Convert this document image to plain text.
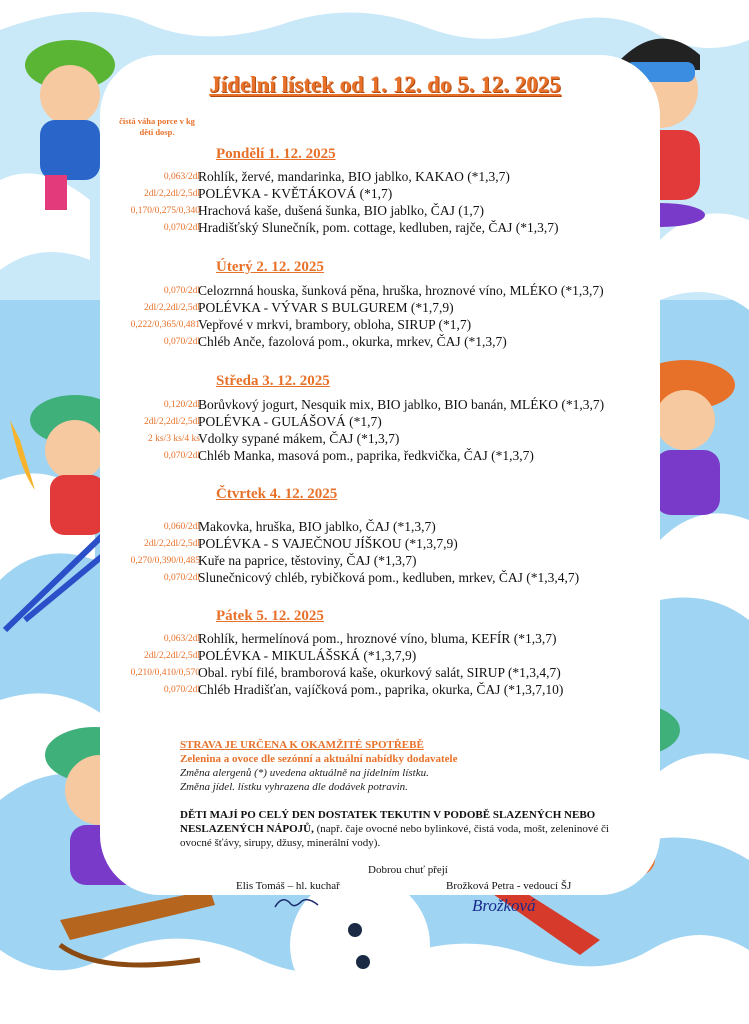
Jídelní lístek od 1. 12. do 5. 12. 2025
čistá váha porce v kg děti dosp.
Pondělí 1. 12. 2025
0,063/2dl
Rohlík, žervé, mandarinka, BIO jablko, KAKAO (*1,3,7)
2dl/2,2dl/2,5dl
POLÉVKA - KVĚTÁKOVÁ (*1,7)
0,170/0,275/0,340
Hrachová kaše, dušená šunka, BIO jablko, ČAJ (1,7)
0,070/2dl
Hradišťský Slunečník, pom. cottage, kedluben, rajče, ČAJ (*1,3,7)
Úterý 2. 12. 2025
0,070/2dl
Celozrnná houska, šunková pěna, hruška, hroznové víno, MLÉKO (*1,3,7)
2dl/2,2dl/2,5dl
POLÉVKA - VÝVAR S BULGUREM (*1,7,9)
0,222/0,365/0,481
Vepřové v mrkvi, brambory, obloha, SIRUP (*1,7)
0,070/2dl
Chléb Anče, fazolová pom., okurka, mrkev, ČAJ (*1,3,7)
Středa 3. 12. 2025
0,120/2dl
Borůvkový jogurt, Nesquik mix, BIO jablko, BIO banán, MLÉKO (*1,3,7)
2dl/2,2dl/2,5dl
POLÉVKA - GULÁŠOVÁ (*1,7)
2 ks/3 ks/4 ks
Vdolky sypané mákem, ČAJ (*1,3,7)
0,070/2dl
Chléb Manka, masová pom., paprika, ředkvička, ČAJ (*1,3,7)
Čtvrtek 4. 12. 2025
0,060/2dl
Makovka, hruška, BIO jablko, ČAJ (*1,3,7)
2dl/2,2dl/2,5dl
POLÉVKA - S VAJEČNOU JÍŠKOU (*1,3,7,9)
0,270/0,390/0,485
Kuře na paprice, těstoviny, ČAJ (*1,3,7)
0,070/2dl
Slunečnicový chléb, rybičková pom., kedluben, mrkev, ČAJ (*1,3,4,7)
Pátek 5. 12. 2025
0,063/2dl
Rohlík, hermelínová pom., hroznové víno, bluma, KEFÍR (*1,3,7)
2dl/2,2dl/2,5dl
POLÉVKA - MIKULÁŠSKÁ (*1,3,7,9)
0,210/0,410/0,570
Obal. rybí filé, bramborová kaše, okurkový salát, SIRUP (*1,3,4,7)
0,070/2dl
Chléb Hradišťan, vajíčková pom., paprika, okurka, ČAJ (*1,3,7,10)
STRAVA JE URČENA K OKAMŽITÉ SPOTŘEBĚ
Zelenina a ovoce dle sezónní a aktuální nabídky dodavatele
Změna alergenů (*) uvedena aktuálně na jídelním lístku.
Změna jídel. lístku vyhrazena dle dodávek potravin.
DĚTI MAJÍ PO CELÝ DEN DOSTATEK TEKUTIN V PODOBĚ SLAZENÝCH NEBO NESLAZENÝCH NÁPOJŮ, (např. čaje ovocné nebo bylinkové, čistá voda, mošt, zeleninové či ovocné šťávy, sirupy, džusy, minerální vody).
Dobrou chuť přejí
Elis Tomáš – hl. kuchař	Brožková Petra - vedoucí ŠJ
Brožková
